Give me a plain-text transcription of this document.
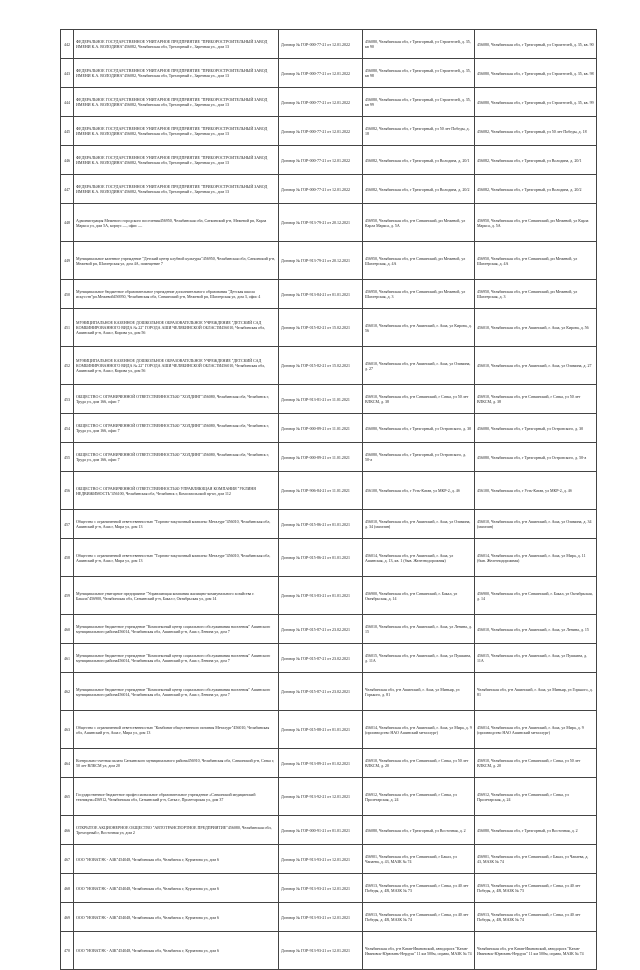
442	ФЕДЕРАЛЬНОЕ ГОСУДАРСТВЕННОЕ УНИТАРНОЕ ПРЕДПРИЯТИЕ "ПРИБОРОСТРОИТЕЛЬНЫЙ ЗАВОД ИМЕНИ К.А. ВОЛОДИНА"456082, Челябинская обл, Трехгорный г., Заречная ул., дом 13	Договор № ГОР-000-77-21 от 12.01.2022	456080, Челябинская обл, г Трехгорный, ул Строителей, д. 35, кв 90	456080, Челябинская обл, г Трехгорный, ул Строителей, д. 35, кв. 90
443	ФЕДЕРАЛЬНОЕ ГОСУДАРСТВЕННОЕ УНИТАРНОЕ ПРЕДПРИЯТИЕ "ПРИБОРОСТРОИТЕЛЬНЫЙ ЗАВОД ИМЕНИ К.А. ВОЛОДИНА"456082, Челябинская обл, Трехгорный г., Заречная ул., дом 13	Договор № ГОР-000-77-21 от 12.01.2022	456080, Челябинская обл, г Трехгорный, ул Строителей, д. 35, кв 98	456080, Челябинская обл, г Трехгорный, ул Строителей, д. 35, кв. 98
444	ФЕДЕРАЛЬНОЕ ГОСУДАРСТВЕННОЕ УНИТАРНОЕ ПРЕДПРИЯТИЕ "ПРИБОРОСТРОИТЕЛЬНЫЙ ЗАВОД ИМЕНИ К.А. ВОЛОДИНА"456082, Челябинская обл, Трехгорный г., Заречная ул., дом 13	Договор № ГОР-000-77-21 от 12.01.2022	456080, Челябинская обл, г Трехгорный, ул Строителей, д. 35, кв 99	456080, Челябинская обл, г Трехгорный, ул Строителей, д. 35, кв. 99
445	ФЕДЕРАЛЬНОЕ ГОСУДАРСТВЕННОЕ УНИТАРНОЕ ПРЕДПРИЯТИЕ "ПРИБОРОСТРОИТЕЛЬНЫЙ ЗАВОД ИМЕНИ К.А. ВОЛОДИНА"456082, Челябинская обл, Трехгорный г., Заречная ул., дом 13	Договор № ГОР-000-77-21 от 12.01.2022	456082, Челябинская обл, г Трехгорный, ул 50 лет Победы, д. 18	456082, Челябинская обл, г Трехгорный, ул 50 лет Победы, д. 18
446	ФЕДЕРАЛЬНОЕ ГОСУДАРСТВЕННОЕ УНИТАРНОЕ ПРЕДПРИЯТИЕ "ПРИБОРОСТРОИТЕЛЬНЫЙ ЗАВОД ИМЕНИ К.А. ВОЛОДИНА"456082, Челябинская обл, Трехгорный г., Заречная ул., дом 13	Договор № ГОР-000-77-21 от 12.01.2022	456082, Челябинская обл, г Трехгорный, ул Володина, д. 20/1	456082, Челябинская обл, г Трехгорный, ул Володина, д. 20/1
447	ФЕДЕРАЛЬНОЕ ГОСУДАРСТВЕННОЕ УНИТАРНОЕ ПРЕДПРИЯТИЕ "ПРИБОРОСТРОИТЕЛЬНЫЙ ЗАВОД ИМЕНИ К.А. ВОЛОДИНА"456082, Челябинская обл, Трехгорный г., Заречная ул., дом 13	Договор № ГОР-000-77-21 от 12.01.2022	456082, Челябинская обл, г Трехгорный, ул Володина, д. 20/2	456082, Челябинская обл, г Трехгорный, ул Володина, д. 20/2
448	Администрация Межевого городского поселения456950, Челябинская обл, Саткинский р-н, Межевой рп, Карла Маркса ул, дом 5А, корпус —, офис —	Договор № ГОР-913-79-21 от 20.12.2021	456950, Челябинская обл, р-н Саткинский, рп Межевой, ул Карла Маркса, д. 5А	456950, Челябинская обл, р-н Саткинский, рп Межевой, ул Карла Маркса, д. 5А
449	Муниципальное казенное учреждение "Детский центр клубной культуры"456950, Челябинская обл, Саткинский р-н, Межевой рп, Шахтерская ул, дом 4А, помещение 7	Договор № ГОР-913-79-21 от 20.12.2021	456950, Челябинская обл, р-н Саткинский, рп Межевой, ул Шахтерская, д. 4А	456950, Челябинская обл, р-н Саткинский, рп Межевой, ул Шахтерская, д. 4А
450	Муниципальное бюджетное образовательное учреждение дополнительного образования "Детская школа искусств"рп.Межевой456950, Челябинская обл, Саткинский р-н, Межевой рп, Шахтерская ул, дом 3, офис 4	Договор № ГОР-913-84-21 от 01.01.2021	456950, Челябинская обл, р-н Саткинский, рп Межевой, ул Шахтерская, д. 3	456950, Челябинская обл, р-н Саткинский, рп Межевой, ул Шахтерская, д. 3
451	МУНИЦИПАЛЬНОЕ КАЗЕННОЕ ДОШКОЛЬНОЕ ОБРАЗОВАТЕЛЬНОЕ УЧРЕЖДЕНИЕ "ДЕТСКИЙ САД КОМБИНИРОВАННОГО ВИДА № 22" ГОРОДА АШИ ЧЕЛЯБИНСКОЙ ОБЛАСТИ456010, Челябинская обл, Ашинский р-н, Аша г, Кирова ул, дом 56	Договор № ГОР-015-82-21 от 15.02.2021	456010, Челябинская обл, р-н Ашинский, г. Аша, ул Кирова, д. 56	456010, Челябинская обл, р-н Ашинский, г. Аша, ул Кирова, д. 56
452	МУНИЦИПАЛЬНОЕ КАЗЕННОЕ ДОШКОЛЬНОЕ ОБРАЗОВАТЕЛЬНОЕ УЧРЕЖДЕНИЕ "ДЕТСКИЙ САД КОМБИНИРОВАННОГО ВИДА № 22" ГОРОДА АШИ ЧЕЛЯБИНСКОЙ ОБЛАСТИ456010, Челябинская обл, Ашинский р-н, Аша г, Кирова ул, дом 56	Договор № ГОР-015-82-21 от 15.02.2021	456010, Челябинская обл, р-н Ашинский, г. Аша, ул Озимина, д. 27	456010, Челябинская обл, р-н Ашинский, г. Аша, ул Озимина, д. 27
453	ОБЩЕСТВО С ОГРАНИЧЕННОЙ ОТВЕТСТВЕННОСТЬЮ "ХОЛДИНГ"456080, Челябинская обл, Челябинск г, Труда ул, дом 166, офис 7	Договор № ГОР-913-81-21 от 11.01.2021	456910, Челябинская обл, р-н Саткинский, г Сатка, ул 50 лет ВЛКСМ, д. 38	456910, Челябинская обл, р-н Саткинский, г Сатка, ул 50 лет ВЛКСМ, д. 38
454	ОБЩЕСТВО С ОГРАНИЧЕННОЙ ОТВЕТСТВЕННОСТЬЮ "ХОЛДИНГ"456080, Челябинская обл, Челябинск г, Труда ул, дом 166, офис 7	Договор № ГОР-000-89-21 от 11.01.2021	456080, Челябинская обл, г Трехгорный, ул Островского, д. 30	456080, Челябинская обл, г Трехгорный, ул Островского, д. 30
455	ОБЩЕСТВО С ОГРАНИЧЕННОЙ ОТВЕТСТВЕННОСТЬЮ "ХОЛДИНГ"456080, Челябинская обл, Челябинск г, Труда ул, дом 166, офис 7	Договор № ГОР-000-89-21 от 11.01.2021	456080, Челябинская обл, г Трехгорный, ул Островского, д. 50-а	456080, Челябинская обл, г Трехгорный, ул Островского, д. 50-а
456	ОБЩЕСТВО С ОГРАНИЧЕННОЙ ОТВЕТСТВЕННОСТЬЮ УПРАВЛЯЮЩАЯ КОМПАНИЯ "УКЛИНЯ НЕДВИЖИМОСТЬ"456100, Челябинская обл, Челябинск г, Комсомольский пр-кт, дом 112	Договор № ГОР-906-84-21 от 11.01.2021	456100, Челябинская обл, г Усть-Катав, ул МКР-2, д. 4б	456100, Челябинская обл, г Усть-Катав, ул МКР-2, д. 4б
457	Общество с ограниченной ответственностью "Торгово-закупочный комплекс Металург"456010, Челябинская обл, Ашинский р-н, Аша г, Мира ул, дом 13	Договор № ГОР-015-86-21 от 01.01.2021	456010, Челябинская обл, р-н Ашинский, г. Аша, ул Озимина, д. 34 (магазин)	456010, Челябинская обл, р-н Ашинский, г. Аша, ул Озимина, д. 34 (магазин)
458	Общество с ограниченной ответственностью "Торгово-закупочный комплекс Металург"456010, Челябинская обл, Ашинский р-н, Аша г, Мира ул, дом 13	Договор № ГОР-015-86-21 от 01.01.2021	456014, Челябинская обл, р-н Ашинский, г. Аша, ул Ашинская, д. 13, кв. 1 (быв. Железнодорожная)	456014, Челябинская обл, р-н Ашинский, г. Аша, ул Мира, д. 11 (быв. Железнодорожная)
459	Муниципальное унитарное предприятие "Управляющая компания жилищно-коммунального хозяйства г. Бакала"456900, Челябинская обл, Саткинский р-н, Бакал г, Октябрьская ул, дом 14	Договор № ГОР-913-83-21 от 01.01.2021	456900, Челябинская обл, р-н Саткинский, г. Бакал, ул Октябрьская, д. 14	456900, Челябинская обл, р-н Саткинский, г. Бакал, ул Октябрьская, д. 14
460	Муниципальное бюджетное учреждение "Комплексный центр социального обслуживания населения" Ашинского муниципального района456014, Челябинская обл, Ашинский р-н, Аша г, Ленина ул, дом 7	Договор № ГОР-015-87-21 от 23.02.2021	456010, Челябинская обл, р-н Ашинский, г. Аша, ул Ленина, д. 15	456010, Челябинская обл, р-н Ашинский, г. Аша, ул Ленина, д. 15
461	Муниципальное бюджетное учреждение "Комплексный центр социального обслуживания населения" Ашинского муниципального района456014, Челябинская обл, Ашинский р-н, Аша г, Ленина ул, дом 7	Договор № ГОР-015-87-21 от 23.02.2021	456015, Челябинская обл, р-н Ашинский, г. Аша, ул Пушкина, д. 11А	456015, Челябинская обл, р-н Ашинский, г. Аша, ул Пушкина, д. 11А
462	Муниципальное бюджетное учреждение "Комплексный центр социального обслуживания населения" Ашинского муниципального района456014, Челябинская обл, Ашинский р-н, Аша г, Ленина ул, дом 7	Договор № ГОР-015-87-21 от 23.02.2021	Челябинская обл, р-н Ашинский, г. Аша, ул Миньяр, ул Горького, д. 81	Челябинская обл, р-н Ашинский, г. Аша, ул Миньяр, ул Горького, д. 81
463	Общество с ограниченной ответственностью "Комбинат общественного питания Металург"456010, Челябинская обл, Ашинский р-н, Аша г, Мира ул, дом 13	Договор № ГОР-015-88-21 от 01.01.2021	456014, Челябинская обл, р-н Ашинский, г. Аша, ул Мира, д. 9 (производство НАО Ашинский металлург)	456014, Челябинская обл, р-н Ашинский, г. Аша, ул Мира, д. 9 (производство НАО Ашинский металлург)
464	Контрольно-счетная палата Саткинского муниципального района456910, Челябинская обл, Саткинский р-н, Сатка г, 50 лет ВЛКСМ ул, дом 20	Договор № ГОР-913-89-21 от 01.02.2021	456910, Челябинская обл, р-н Саткинский, г Сатка, ул 50 лет ВЛКСМ, д. 20	456910, Челябинская обл, р-н Саткинский, г Сатка, ул 50 лет ВЛКСМ, д. 20
465	Государственное бюджетное профессиональное образовательное учреждение «Саткинский медицинский техникум»456912, Челябинская обл, Саткинский р-н, Сатка г, Пролетарская ул, дом 37	Договор № ГОР-913-92-21 от 12.01.2021	456912, Челябинская обл, р-н Саткинский, г Сатка, ул Пролетарская, д. 24	456912, Челябинская обл, р-н Саткинский, г Сатка, ул Пролетарская, д. 24
466	ОТКРЫТОЕ АКЦИОНЕРНОЕ ОБЩЕСТВО "АВТОТРАНСПОРТНОЕ ПРЕДПРИЯТИЕ"456080, Челябинская обл, Трехгорный г, Восточная ул, дом 2	Договор № ГОР-000-91-21 от 01.01.2021	456080, Челябинская обл, г Трехгорный, ул Восточная, д. 2	456080, Челябинская обл, г Трехгорный, ул Восточная, д. 2
467	ООО "НОВАТЭК - АЗК"454048, Челябинская обл, Челябинск г, Курчатова ул, дом 6	Договор № ГОР-913-93-21 от 12.01.2021	456901, Челябинская обл, р-н Саткинский, г Бакал, ул Чапаева, д. 43, МАЗК № 74	456901, Челябинская обл, р-н Саткинский, г Бакал, ул Чапаева, д. 43, МАЗК № 74
468	ООО "НОВАТЭК - АЗК"454048, Челябинская обл, Челябинск г, Курчатова ул, дом 6	Договор № ГОР-913-93-21 от 12.01.2021	456913, Челябинская обл, р-н Саткинский, г Сатка, ул 40 лет Победы, д. 4В, МАЗК № 73	456913, Челябинская обл, р-н Саткинский, г Сатка, ул 40 лет Победы, д. 4В, МАЗК № 73
469	ООО "НОВАТЭК - АЗК"454048, Челябинская обл, Челябинск г, Курчатова ул, дом 6	Договор № ГОР-913-93-21 от 12.01.2021	456913, Челябинская обл, р-н Саткинский, г Сатка, ул 40 лет Победы, д. 4В, МАЗК № 74	456913, Челябинская обл, р-н Саткинский, г Сатка, ул 40 лет Победы, д. 4В, МАЗК № 74
470	ООО "НОВАТЭК - АЗК"454048, Челябинская обл, Челябинск г, Курчатова ул, дом 6	Договор № ГОР-913-93-21 от 12.01.2021	Челябинская обл, р-н Катав-Ивановский, автодорога "Катав-Ивановск-Юрюзань-Нердуш" 11 км 500м, справа, МАЗК № 74	Челябинская обл, р-н Катав-Ивановский, автодорога "Катав-Ивановск-Юрюзань-Нердуш" 11 км 500м, справа, МАЗК № 74
